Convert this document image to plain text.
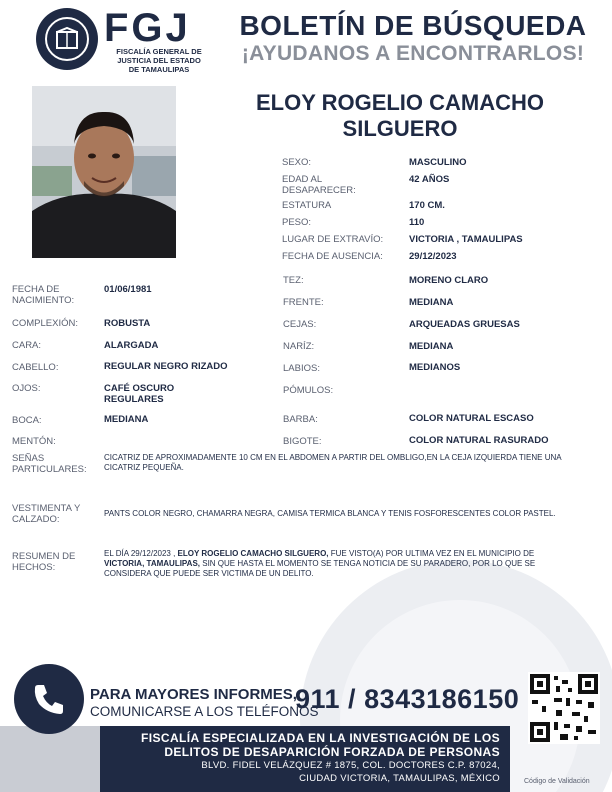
FGJ
FISCALÍA GENERAL DE
JUSTICIA DEL ESTADO
DE TAMAULIPAS
BOLETÍN DE BÚSQUEDA
¡AYUDANOS A ENCONTRARLOS!
ELOY ROGELIO CAMACHO
SILGUERO
SEXO:	MASCULINO
EDAD AL DESAPARECER:
42 AÑOS
ESTATURA	170 CM.
PESO:	110
LUGAR DE EXTRAVÍO:	VICTORIA , TAMAULIPAS
FECHA DE AUSENCIA:	29/12/2023
FECHA DE NACIMIENTO:
01/06/1981
COMPLEXIÓN:	ROBUSTA
CARA:	ALARGADA
CABELLO:	REGULAR NEGRO RIZADO
OJOS:	CAFÉ OSCURO REGULARES
BOCA:	MEDIANA
MENTÓN:
TEZ:	MORENO CLARO
FRENTE:	MEDIANA
CEJAS:	ARQUEADAS GRUESAS
NARÍZ:	MEDIANA
LABIOS:	MEDIANOS
PÓMULOS:
BARBA:	COLOR NATURAL ESCASO
BIGOTE:	COLOR NATURAL RASURADO
SEÑAS PARTICULARES:
CICATRIZ DE APROXIMADAMENTE 10 CM EN EL ABDOMEN A PARTIR DEL OMBLIGO,EN LA CEJA IZQUIERDA TIENE UNA CICATRIZ PEQUEÑA.
VESTIMENTA Y CALZADO:
PANTS COLOR NEGRO, CHAMARRA NEGRA, CAMISA TERMICA BLANCA Y TENIS FOSFORESCENTES COLOR PASTEL.
RESUMEN DE HECHOS:
EL DÍA 29/12/2023 , ELOY ROGELIO CAMACHO SILGUERO, FUE VISTO(A) POR ULTIMA VEZ EN EL MUNICIPIO DE VICTORIA, TAMAULIPAS, SIN QUE HASTA EL MOMENTO SE TENGA NOTICIA DE SU PARADERO, POR LO QUE SE CONSIDERA QUE PUEDE SER VICTIMA DE UN DELITO.
PARA MAYORES INFORMES,
COMUNICARSE A LOS TELÉFONOS
911 / 8343186150
Código de Validación
FISCALÍA ESPECIALIZADA EN LA INVESTIGACIÓN DE LOS
DELITOS DE DESAPARICIÓN FORZADA DE PERSONAS
BLVD. FIDEL VELÁZQUEZ # 1875, COL. DOCTORES C.P. 87024,
CIUDAD VICTORIA, TAMAULIPAS, MÉXICO
